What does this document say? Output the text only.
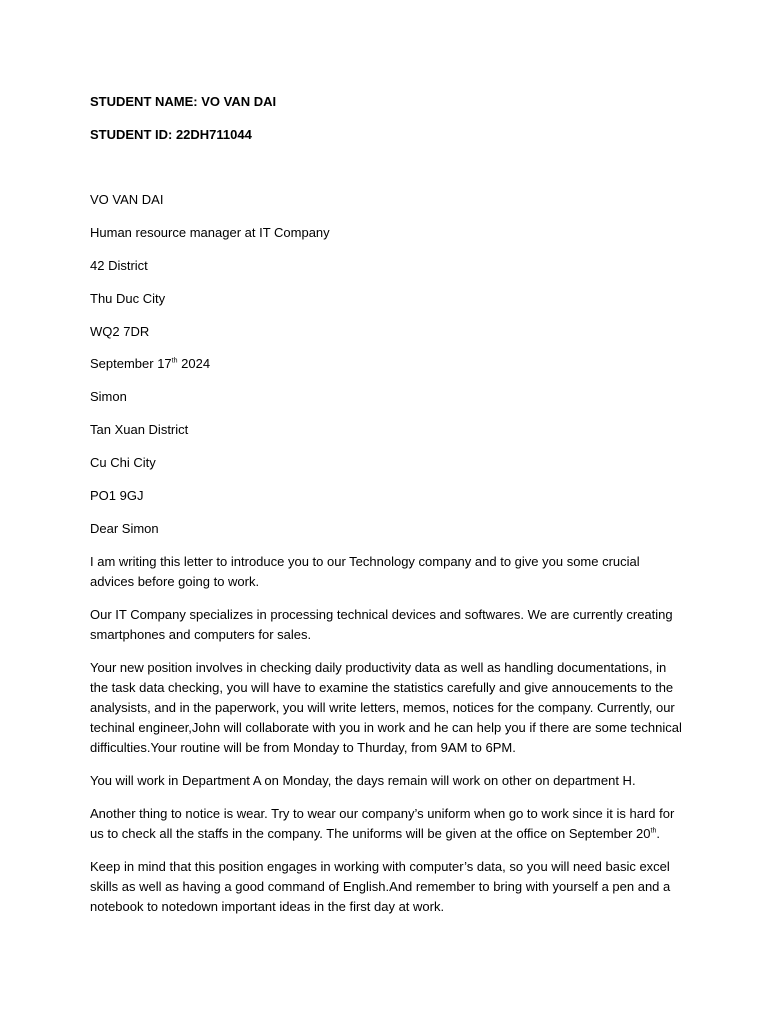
STUDENT NAME: VO VAN DAI
STUDENT ID: 22DH711044
VO VAN DAI
Human resource manager at IT Company
42 District
Thu Duc City
WQ2 7DR
September 17th 2024
Simon
Tan Xuan District
Cu Chi City
PO1 9GJ
Dear Simon
I am writing this letter to introduce you to our Technology company and to give you some crucial advices before going to work.
Our IT Company specializes in processing technical devices and softwares. We are currently creating smartphones and computers for sales.
Your new position involves in checking daily productivity data as well as handling documentations, in the task data checking, you will have to examine the statistics carefully and give annoucements to the analysists, and in the paperwork, you will write letters, memos, notices for the company. Currently, our techinal engineer,John will collaborate with you in work and he can help you if there are some technical difficulties.Your routine will be from Monday to Thurday, from 9AM to 6PM.
You will work in Department A on Monday, the days remain will work on other on department H.
Another thing to notice is wear. Try to wear our company’s uniform when go to work since it is hard for us to check all the staffs in the company. The uniforms will be given at the office on September 20th.
Keep in mind that this position engages in working with computer’s data, so you will need basic excel skills as well as having a good command of English.And remember to bring with yourself a pen and a notebook to notedown important ideas in the first day at work.
